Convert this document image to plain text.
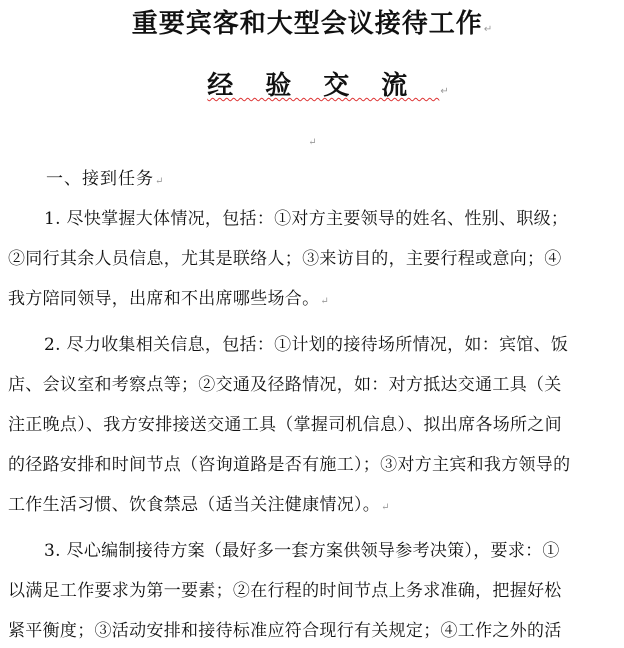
重要宾客和大型会议接待工作↵
经验交流↵
↵
一、接到任务↵
1. 尽快掌握大体情况，包括：①对方主要领导的姓名、性别、职级；
②同行其余人员信息，尤其是联络人；③来访目的，主要行程或意向；④
我方陪同领导，出席和不出席哪些场合。↵
2. 尽力收集相关信息，包括：①计划的接待场所情况，如：宾馆、饭
店、会议室和考察点等；②交通及径路情况，如：对方抵达交通工具（关
注正晚点）、我方安排接送交通工具（掌握司机信息）、拟出席各场所之间
的径路安排和时间节点（咨询道路是否有施工）；③对方主宾和我方领导的
工作生活习惯、饮食禁忌（适当关注健康情况）。↵
3. 尽心编制接待方案（最好多一套方案供领导参考决策），要求：①
以满足工作要求为第一要素；②在行程的时间节点上务求准确，把握好松
紧平衡度；③活动安排和接待标准应符合现行有关规定；④工作之外的活
